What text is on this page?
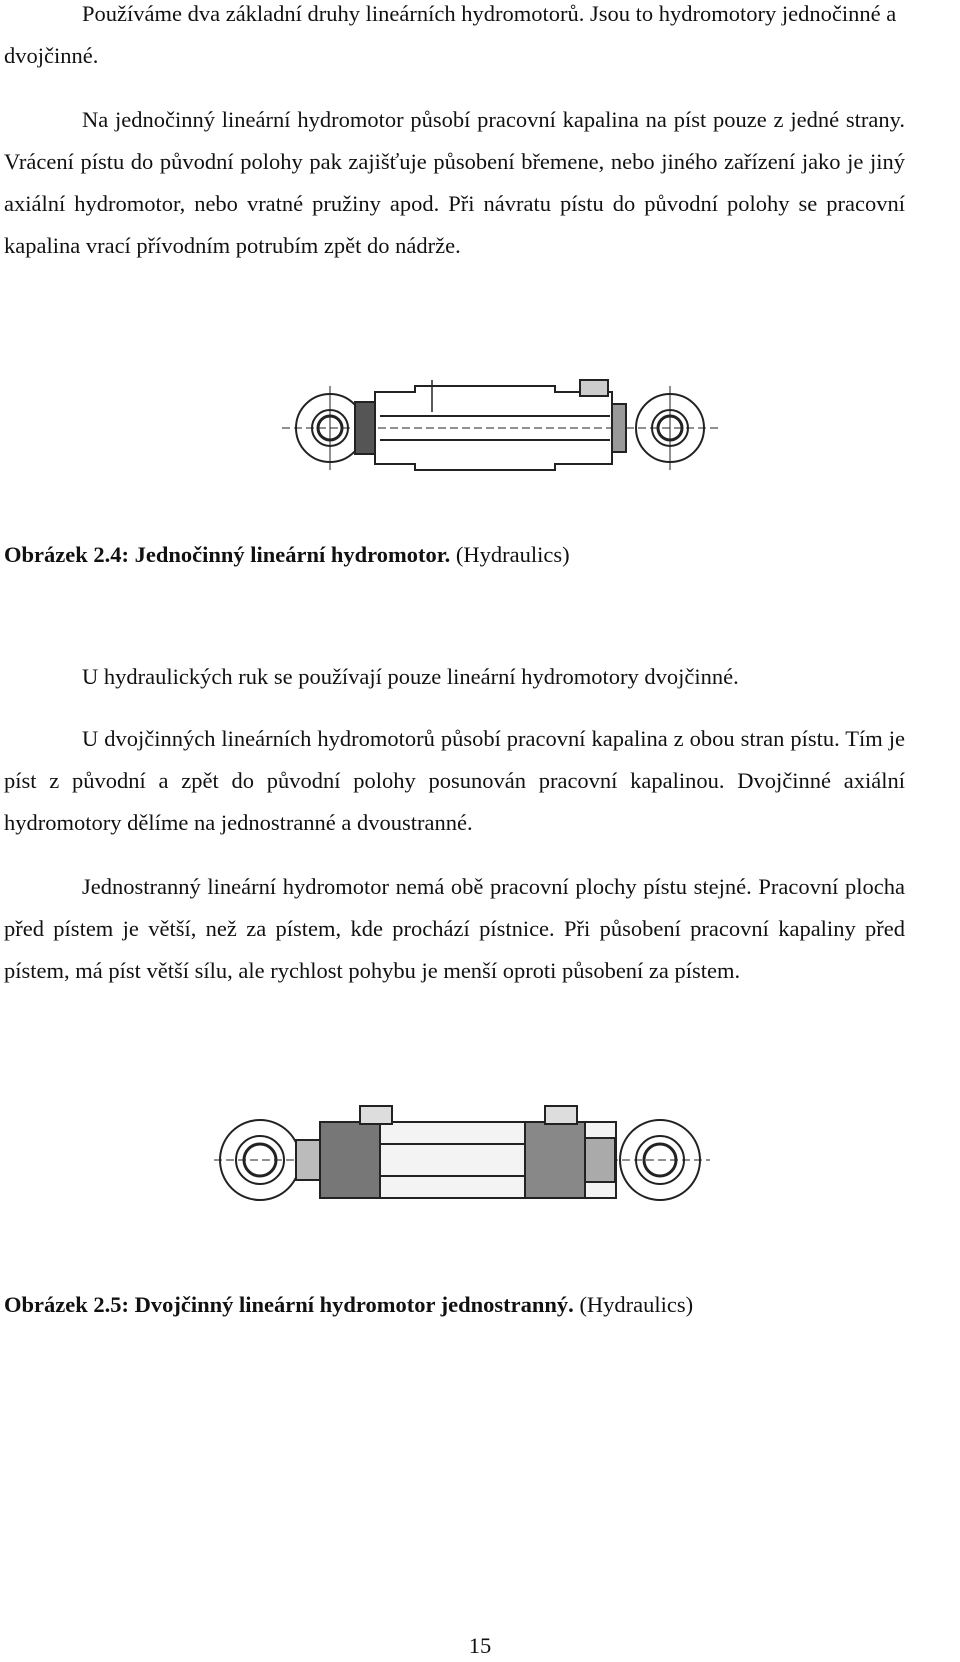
Používáme dva základní druhy lineárních hydromotorů. Jsou to hydromotory jednočinné a dvojčinné.

Na jednočinný lineární hydromotor působí pracovní kapalina na píst pouze z jedné strany. Vrácení pístu do původní polohy pak zajišťuje působení břemene, nebo jiného zařízení jako je jiný axiální hydromotor, nebo vratné pružiny apod. Při návratu pístu do původní polohy se pracovní kapalina vrací přívodním potrubím zpět do nádrže.

Obrázek 2.4: Jednočinný lineární hydromotor. (Hydraulics)

U hydraulických ruk se používají pouze lineární hydromotory dvojčinné.

U dvojčinných lineárních hydromotorů působí pracovní kapalina z obou stran pístu. Tím je píst z původní a zpět do původní polohy posunován pracovní kapalinou. Dvojčinné axiální hydromotory dělíme na jednostranné a dvoustranné.

Jednostranný lineární hydromotor nemá obě pracovní plochy pístu stejné. Pracovní plocha před pístem je větší, než za pístem, kde prochází pístnice. Při působení pracovní kapaliny před pístem, má píst větší sílu, ale rychlost pohybu je menší oproti působení za pístem.

Obrázek 2.5: Dvojčinný lineární hydromotor jednostranný. (Hydraulics)
15
